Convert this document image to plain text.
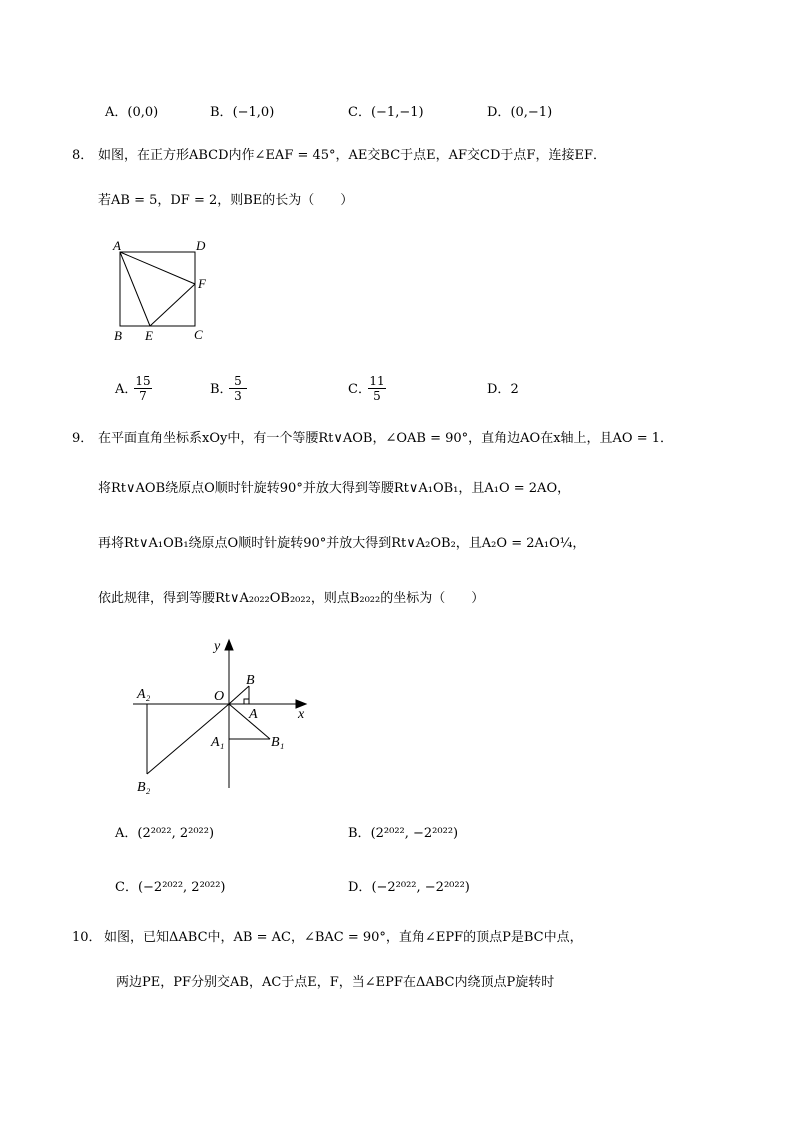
A．(0,0)	B．(−1,0)	C．(−1,−1)	D．(0,−1)
8． 如图，在正方形ABCD内作∠EAF = 45°，AE交BC于点E，AF交CD于点F，连接EF．
若AB = 5，DF = 2，则BE的长为（　　）
A	D
F
B E	C
A．
$\frac{15}{7}$	B．
$\frac{5}{3}$	C．
$\frac{11}{5}$	D．2
9． 在平面直角坐标系xOy中，有一个等腰Rt∨AOB，∠OAB = 90°，直角边AO在x轴上，且AO = 1．
将Rt∨AOB绕原点O顺时针旋转90°并放大得到等腰Rt∨A₁OB₁，且A₁O = 2AO，
再将Rt∨A₁OB₁绕原点O顺时针旋转90°并放大得到Rt∨A₂OB₂，且A₂O = 2A₁O¼，
依此规律，得到等腰Rt∨A₂₀₂₂OB₂₀₂₂，则点B₂₀₂₂的坐标为（　　）
y
x
O
B
A
A₁	B₁
A₂
B₂
A．(2²⁰²², 2²⁰²²)	B．(2²⁰²², −2²⁰²²)
C．(−2²⁰²², 2²⁰²²)	D．(−2²⁰²², −2²⁰²²)
10． 如图，已知ΔABC中，AB = AC，∠BAC = 90°，直角∠EPF的顶点P是BC中点，
两边PE，PF分别交AB，AC于点E，F，当∠EPF在ΔABC内绕顶点P旋转时
